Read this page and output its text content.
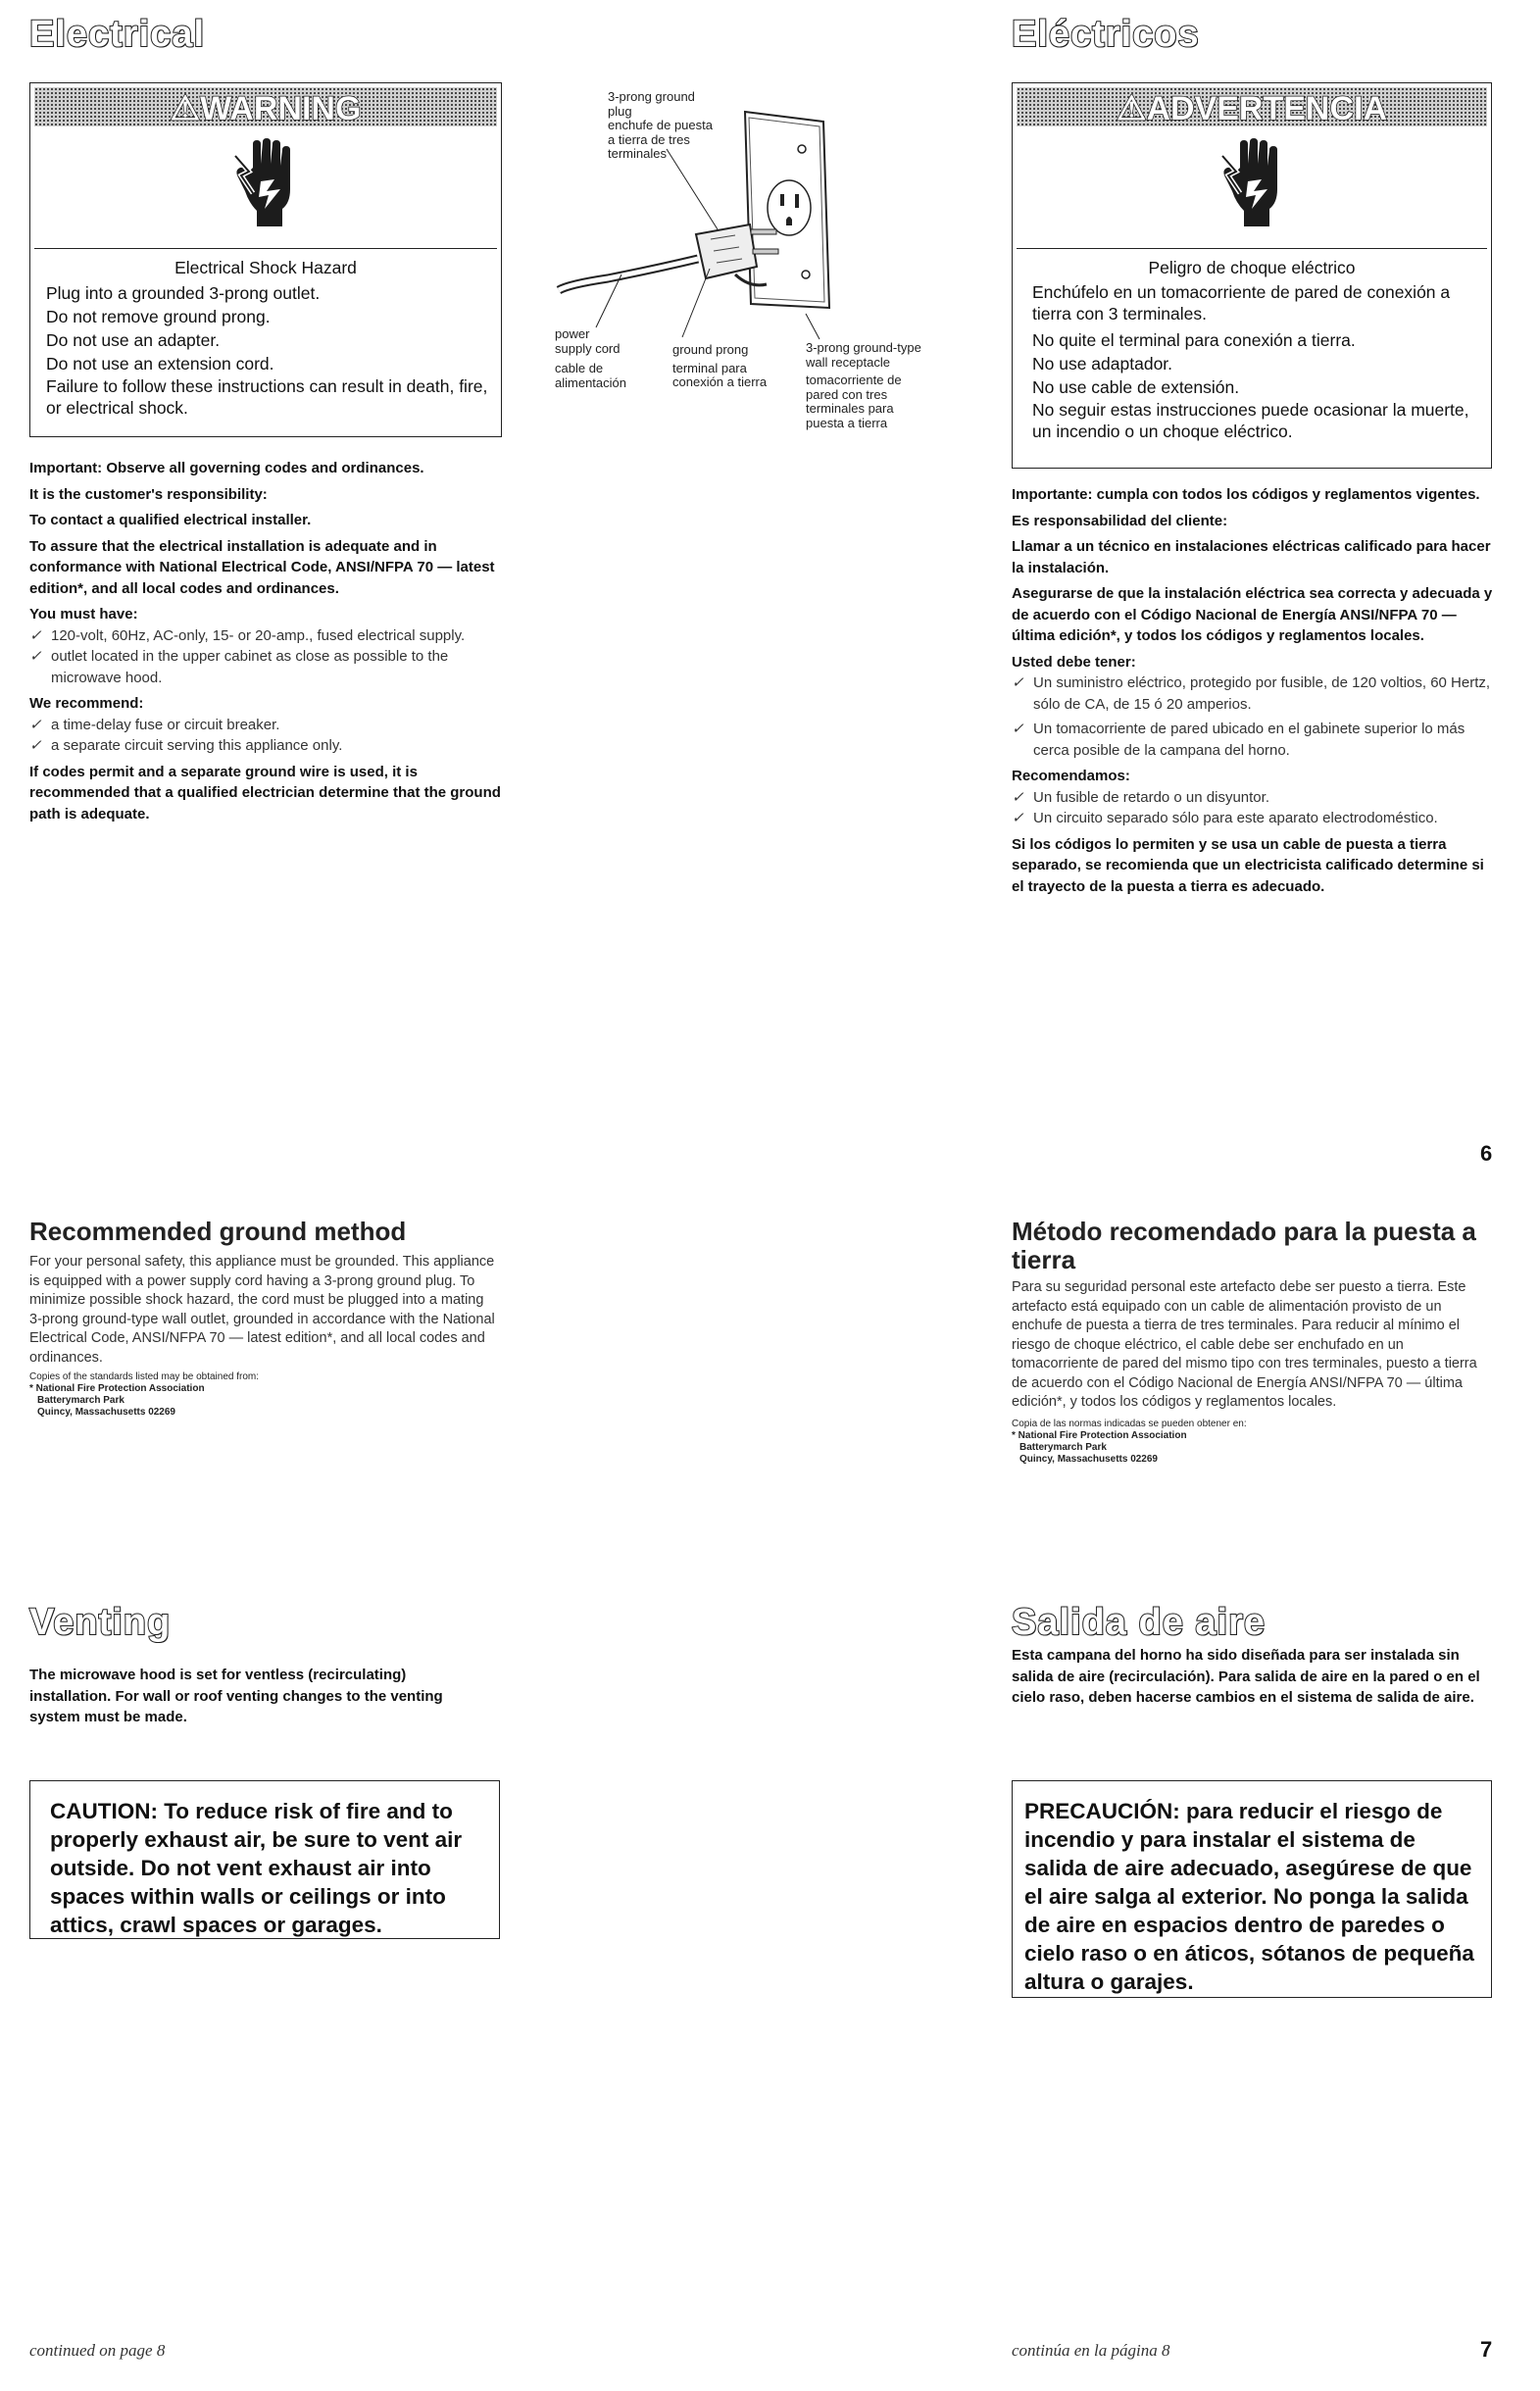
Electrical	Eléctricos
⚠WARNING
Electrical Shock Hazard

Plug into a grounded 3-prong outlet.

Do not remove ground prong.

Do not use an adapter.

Do not use an extension cord.

Failure to follow these instructions can result in death, fire, or electrical shock.

Important: Observe all governing codes and ordinances.

It is the customer's responsibility:

To contact a qualified electrical installer.

To assure that the electrical installation is adequate and in conformance with National Electrical Code, ANSI/NFPA 70 — latest edition*, and all local codes and ordinances.

You must have:

✓ 120-volt, 60Hz, AC-only, 15- or 20-amp., fused electrical supply.
✓ outlet located in the upper cabinet as close as possible to the microwave hood.

We recommend:

✓ a time-delay fuse or circuit breaker.
✓ a separate circuit serving this appliance only.

If codes permit and a separate ground wire is used, it is recommended that a qualified electrician determine that the ground path is adequate.

3-prong ground plug
enchufe de puesta a tierra de tres terminales
power supply cord
cable de alimentación
ground prong
terminal para conexión a tierra
3-prong ground-type wall receptacle
tomacorriente de pared con tres terminales para puesta a tierra
⚠ADVERTENCIA
Peligro de choque eléctrico

Enchúfelo en un tomacorriente de pared de conexión a tierra con 3 terminales.

No quite el terminal para conexión a tierra.

No use adaptador.

No use cable de extensión.

No seguir estas instrucciones puede ocasionar la muerte, un incendio o un choque eléctrico.

Importante: cumpla con todos los códigos y reglamentos vigentes.

Es responsabilidad del cliente:

Llamar a un técnico en instalaciones eléctricas calificado para hacer la instalación.

Asegurarse de que la instalación eléctrica sea correcta y adecuada y de acuerdo con el Código Nacional de Energía ANSI/NFPA 70 — última edición*, y todos los códigos y reglamentos locales.

Usted debe tener:

✓ Un suministro eléctrico, protegido por fusible, de 120 voltios, 60 Hertz, sólo de CA, de 15 ó 20 amperios.
✓ Un tomacorriente de pared ubicado en el gabinete superior lo más cerca posible de la campana del horno.

Recomendamos:

✓ Un fusible de retardo o un disyuntor.
✓ Un circuito separado sólo para este aparato electrodoméstico.

Si los códigos lo permiten y se usa un cable de puesta a tierra separado, se recomienda que un electricista calificado determine si el trayecto de la puesta a tierra es adecuado.

6
Recommended ground method

For your personal safety, this appliance must be grounded. This appliance is equipped with a power supply cord having a 3-prong ground plug. To minimize possible shock hazard, the cord must be plugged into a mating 3-prong ground-type wall outlet, grounded in accordance with the National Electrical Code, ANSI/NFPA 70 — latest edition*, and all local codes and ordinances.

Copies of the standards listed may be obtained from:

* National Fire Protection Association

Batterymarch Park

Quincy, Massachusetts 02269

Método recomendado para la puesta a tierra

Para su seguridad personal este artefacto debe ser puesto a tierra. Este artefacto está equipado con un cable de alimentación provisto de un enchufe de puesta a tierra de tres terminales. Para reducir al mínimo el riesgo de choque eléctrico, el cable debe ser enchufado en un tomacorriente de pared del mismo tipo con tres terminales, puesto a tierra de acuerdo con el Código Nacional de Energía ANSI/NFPA 70 — última edición*, y todos los códigos y reglamentos locales.

Copia de las normas indicadas se pueden obtener en:

* National Fire Protection Association

Batterymarch Park

Quincy, Massachusetts 02269

Venting
The microwave hood is set for ventless (recirculating) installation. For wall or roof venting changes to the venting system must be made.
Salida de aire
Esta campana del horno ha sido diseñada para ser instalada sin salida de aire (recirculación). Para salida de aire en la pared o en el cielo raso, deben hacerse cambios en el sistema de salida de aire.
CAUTION: To reduce risk of fire and to properly exhaust air, be sure to vent air outside. Do not vent exhaust air into spaces within walls or ceilings or into attics, crawl spaces or garages.
PRECAUCIÓN: para reducir el riesgo de incendio y para instalar el sistema de salida de aire adecuado, asegúrese de que el aire salga al exterior. No ponga la salida de aire en espacios dentro de paredes o cielo raso o en áticos, sótanos de pequeña altura o garajes.
continued on page 8	continúa en la página 8	7
